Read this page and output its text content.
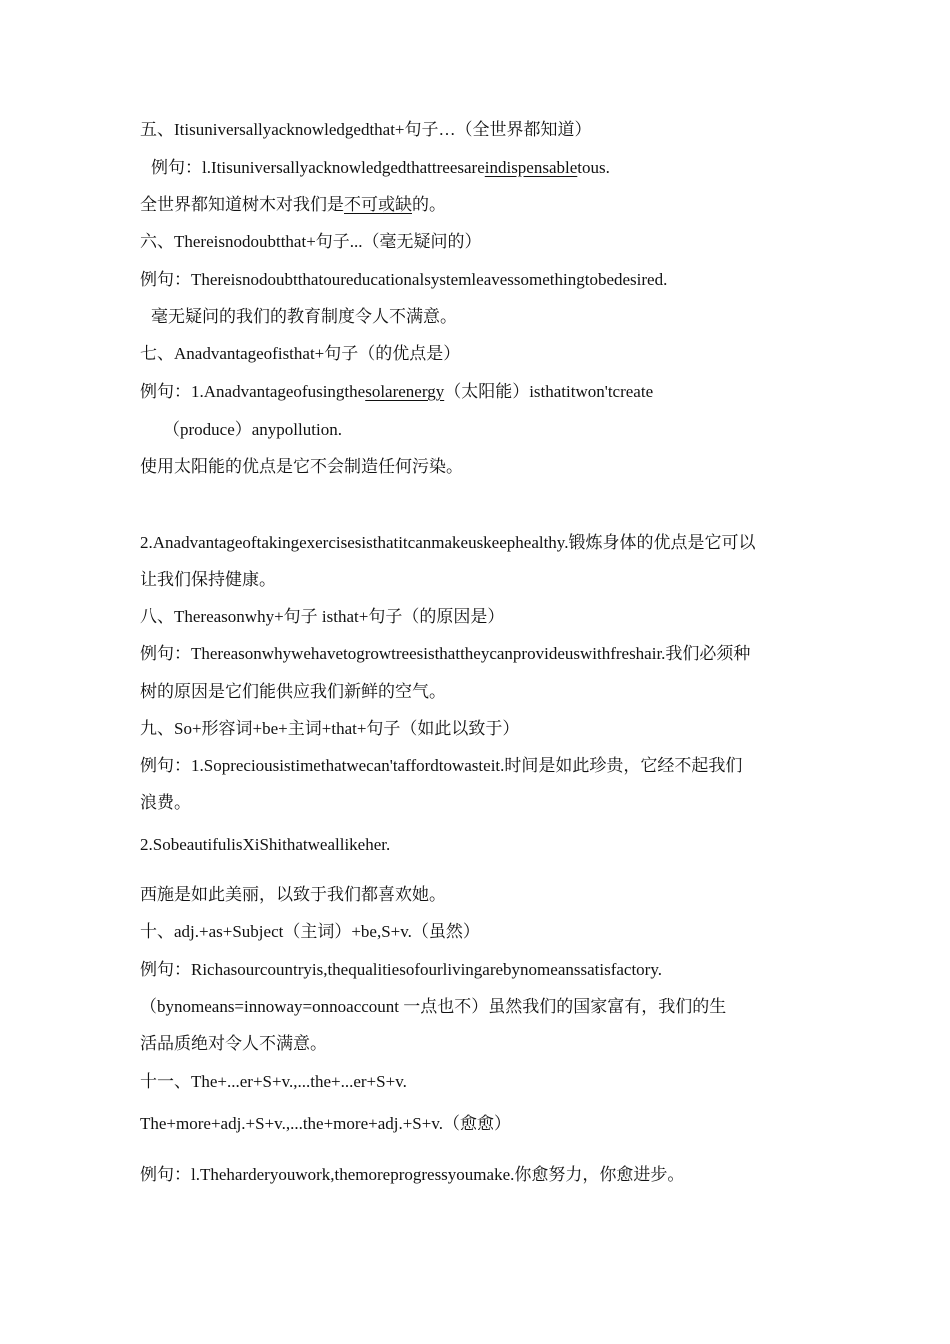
五、Itisuniversallyacknowledgedthat+句子…（全世界都知道）
例句：l.Itisuniversallyacknowledgedthattreesareindispensabletous.
全世界都知道树木对我们是不可或缺的。
六、Thereisnodoubtthat+句子...（毫无疑问的）
例句：Thereisnodoubtthatoureducationalsystemleavessomethingtobedesired.
毫无疑问的我们的教育制度令人不满意。
七、Anadvantageofisthat+句子（的优点是）
例句：1.Anadvantageofusingthesolarenergy（太阳能）isthatitwon'tcreate
（produce）anypollution.
使用太阳能的优点是它不会制造任何污染。
2.Anadvantageoftakingexercisesisthatitcanmakeuskeephealthy.锻炼身体的优点是它可以
让我们保持健康。
八、Thereasonwhy+句子 isthat+句子（的原因是）
例句：Thereasonwhywehavetogrowtreesisthattheycanprovideuswithfreshair.我们必须种
树的原因是它们能供应我们新鲜的空气。
九、So+形容词+be+主词+that+句子（如此以致于）
例句：1.Sopreciousistimethatwecan'taffordtowasteit.时间是如此珍贵，它经不起我们
浪费。
2.SobeautifulisXiShithatweallikeher.
西施是如此美丽，以致于我们都喜欢她。
十、adj.+as+Subject（主词）+be,S+v.（虽然）
例句：Richasourcountryis,thequalitiesofourlivingarebynomeanssatisfactory.
（bynomeans=innoway=onnoaccount 一点也不）虽然我们的国家富有，我们的生
活品质绝对令人不满意。
十一、The+...er+S+v.,...the+...er+S+v.
The+more+adj.+S+v.,...the+more+adj.+S+v.（愈愈）
例句：l.Theharderyouwork,themoreprogressyoumake.你愈努力，你愈进步。
